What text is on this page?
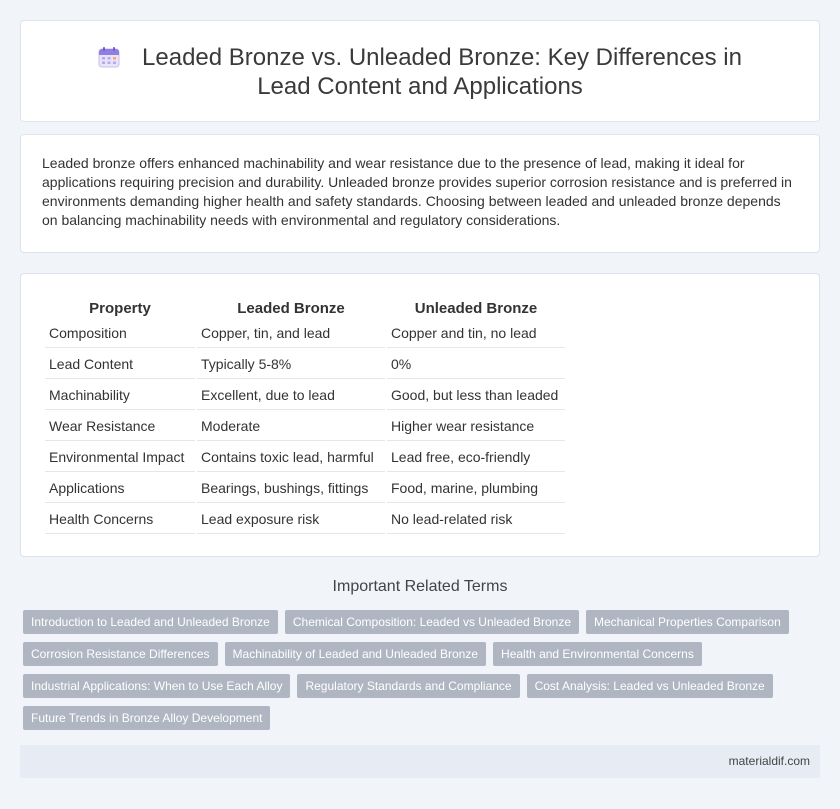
Leaded Bronze vs. Unleaded Bronze: Key Differences in Lead Content and Applications

Leaded bronze offers enhanced machinability and wear resistance due to the presence of lead, making it ideal for applications requiring precision and durability. Unleaded bronze provides superior corrosion resistance and is preferred in environments demanding higher health and safety standards. Choosing between leaded and unleaded bronze depends on balancing machinability needs with environmental and regulatory considerations.

Property	Leaded Bronze	Unleaded Bronze
Composition	Copper, tin, and lead	Copper and tin, no lead
Lead Content	Typically 5-8%	0%
Machinability	Excellent, due to lead	Good, but less than leaded
Wear Resistance	Moderate	Higher wear resistance
Environmental Impact	Contains toxic lead, harmful	Lead free, eco-friendly
Applications	Bearings, bushings, fittings	Food, marine, plumbing
Health Concerns	Lead exposure risk	No lead-related risk
Important Related Terms
Introduction to Leaded and Unleaded Bronze	Chemical Composition: Leaded vs Unleaded Bronze	Mechanical Properties Comparison
Corrosion Resistance Differences	Machinability of Leaded and Unleaded Bronze	Health and Environmental Concerns
Industrial Applications: When to Use Each Alloy	Regulatory Standards and Compliance	Cost Analysis: Leaded vs Unleaded Bronze
Future Trends in Bronze Alloy Development
materialdif.com
